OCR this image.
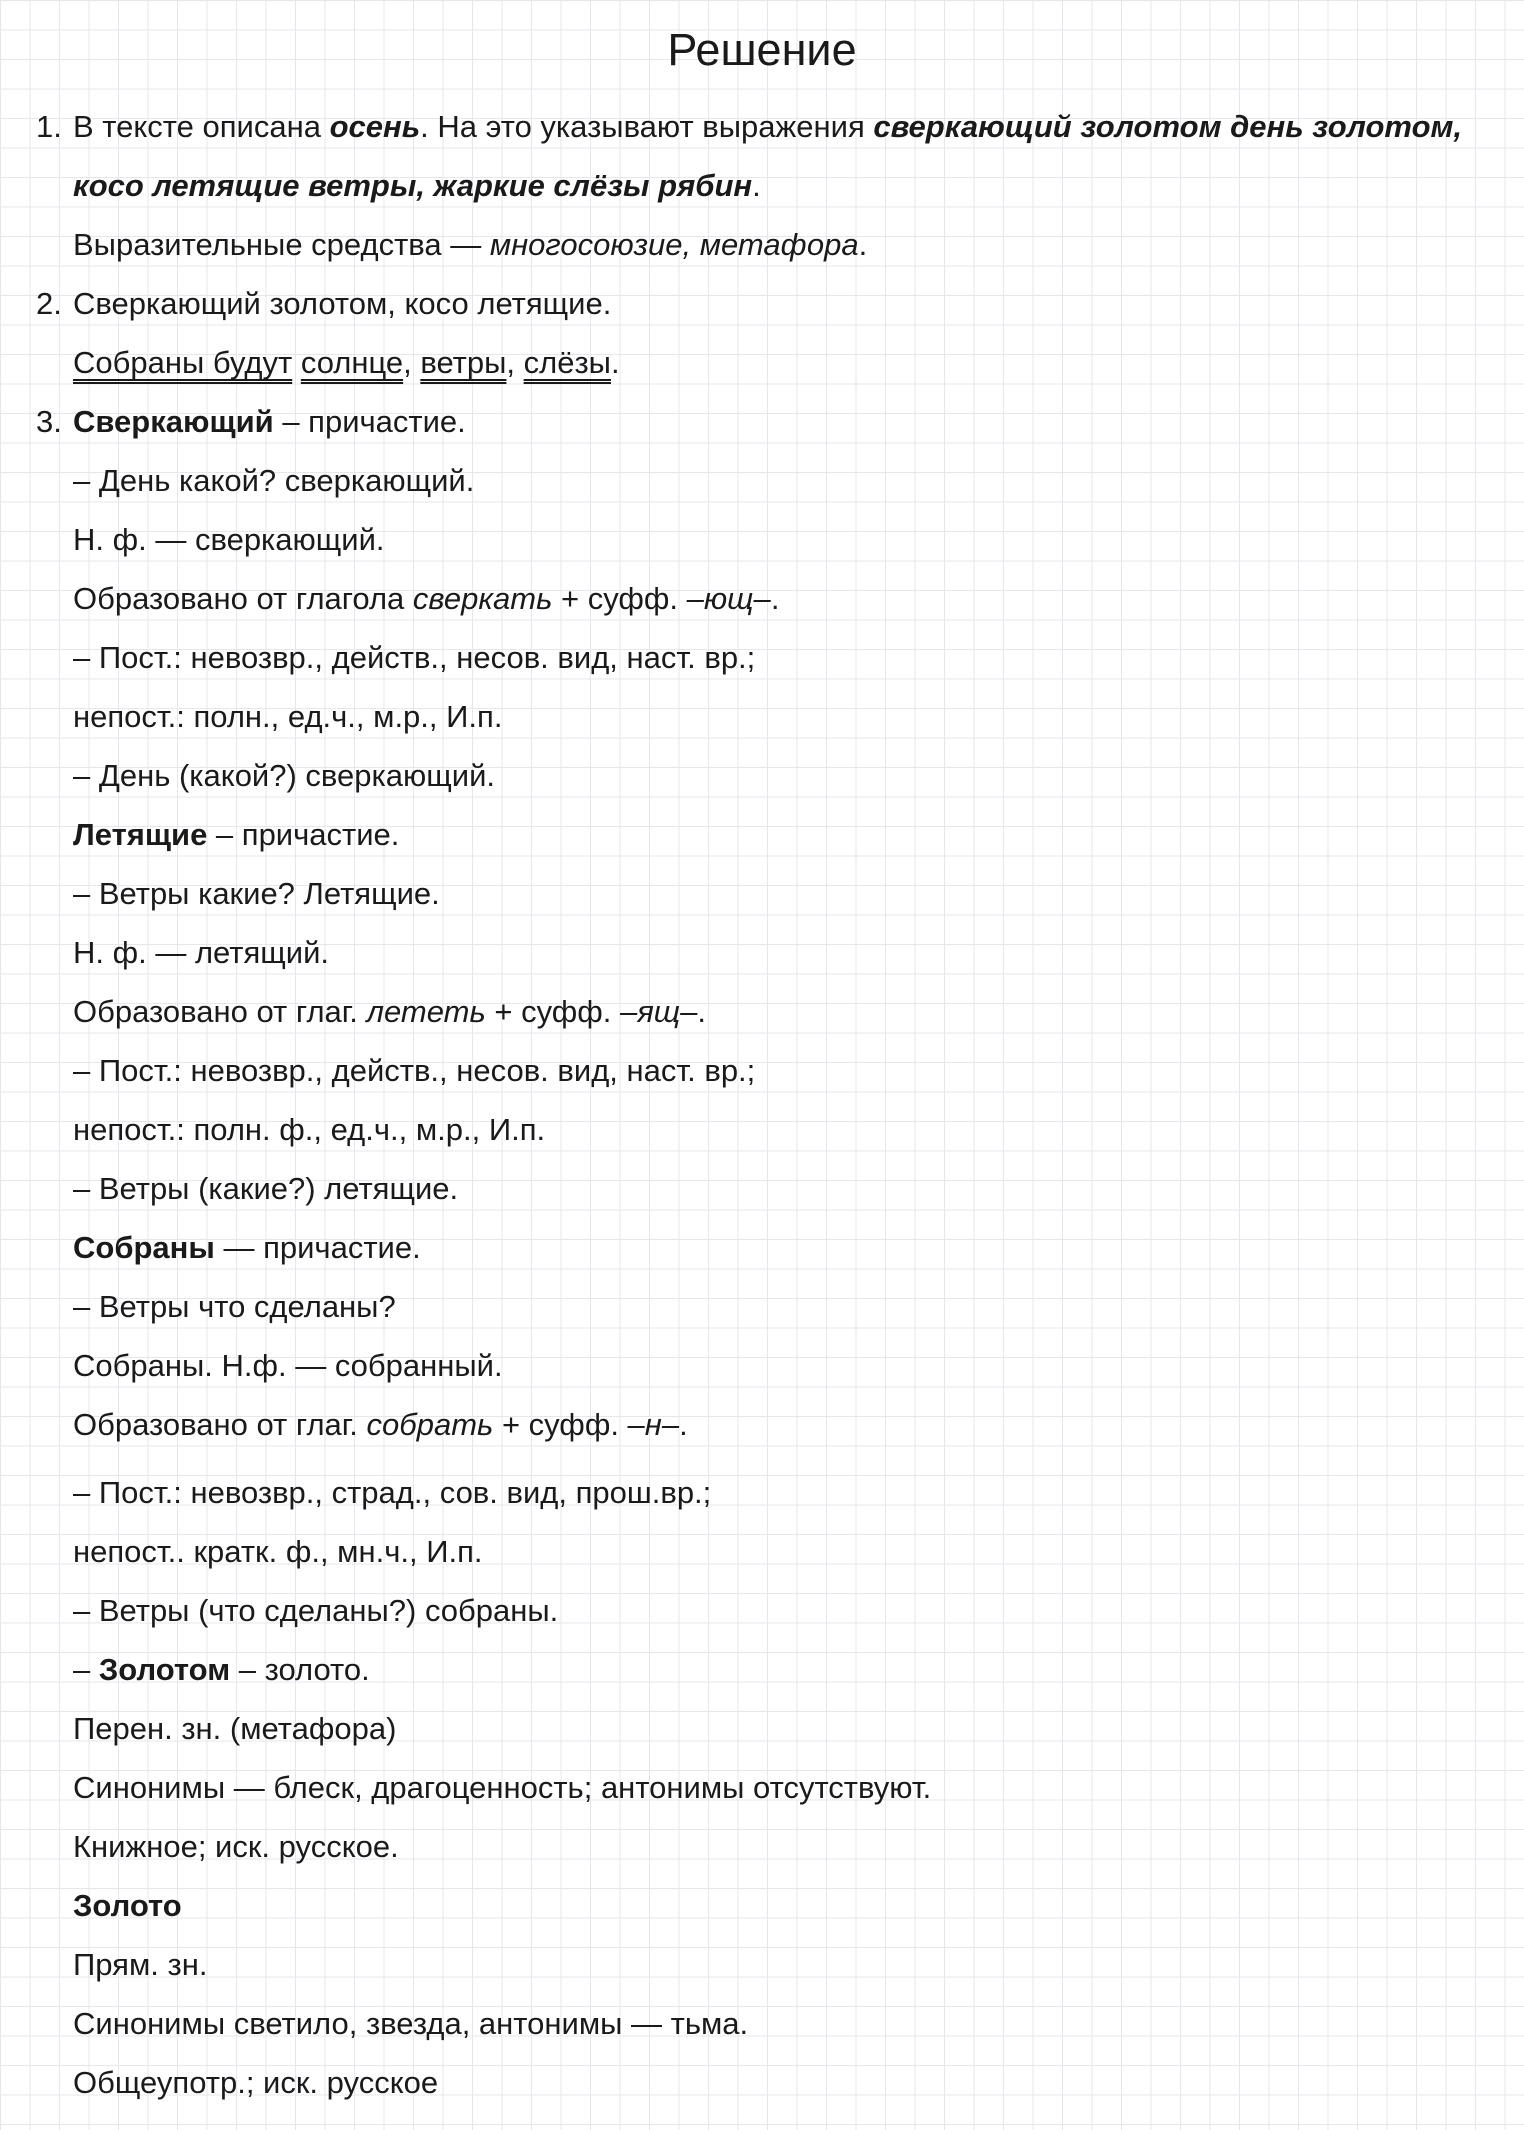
Решение
1. В тексте описана осень. На это указывают выражения сверкающий золотом день золотом,
косо летящие ветры, жаркие слёзы рябин.
Выразительные средства — многосоюзие, метафора.
2. Сверкающий золотом, косо летящие.
Собраны будут солнце, ветры, слёзы.
3. Сверкающий – причастие.
– День какой? сверкающий.
Н. ф. — сверкающий.
Образовано от глагола сверкать + суфф. –ющ–.
– Пост.: невозвр., действ., несов. вид, наст. вр.;
непост.: полн., ед.ч., м.р., И.п.
– День (какой?) сверкающий.
Летящие – причастие.
– Ветры какие? Летящие.
Н. ф. — летящий.
Образовано от глаг. лететь + суфф. –ящ–.
– Пост.: невозвр., действ., несов. вид, наст. вр.;
непост.: полн. ф., ед.ч., м.р., И.п.
– Ветры (какие?) летящие.
Собраны — причастие.
– Ветры что сделаны?
Собраны. Н.ф. — собранный.
Образовано от глаг. собрать + суфф. –н–.
– Пост.: невозвр., страд., сов. вид, прош.вр.;
непост.. кратк. ф., мн.ч., И.п.
– Ветры (что сделаны?) собраны.
– Золотом – золото.
Перен. зн. (метафора)
Синонимы — блеск, драгоценность; антонимы отсутствуют.
Книжное; иск. русское.
Золото
Прям. зн.
Синонимы светило, звезда, антонимы — тьма.
Общеупотр.; иск. русское
